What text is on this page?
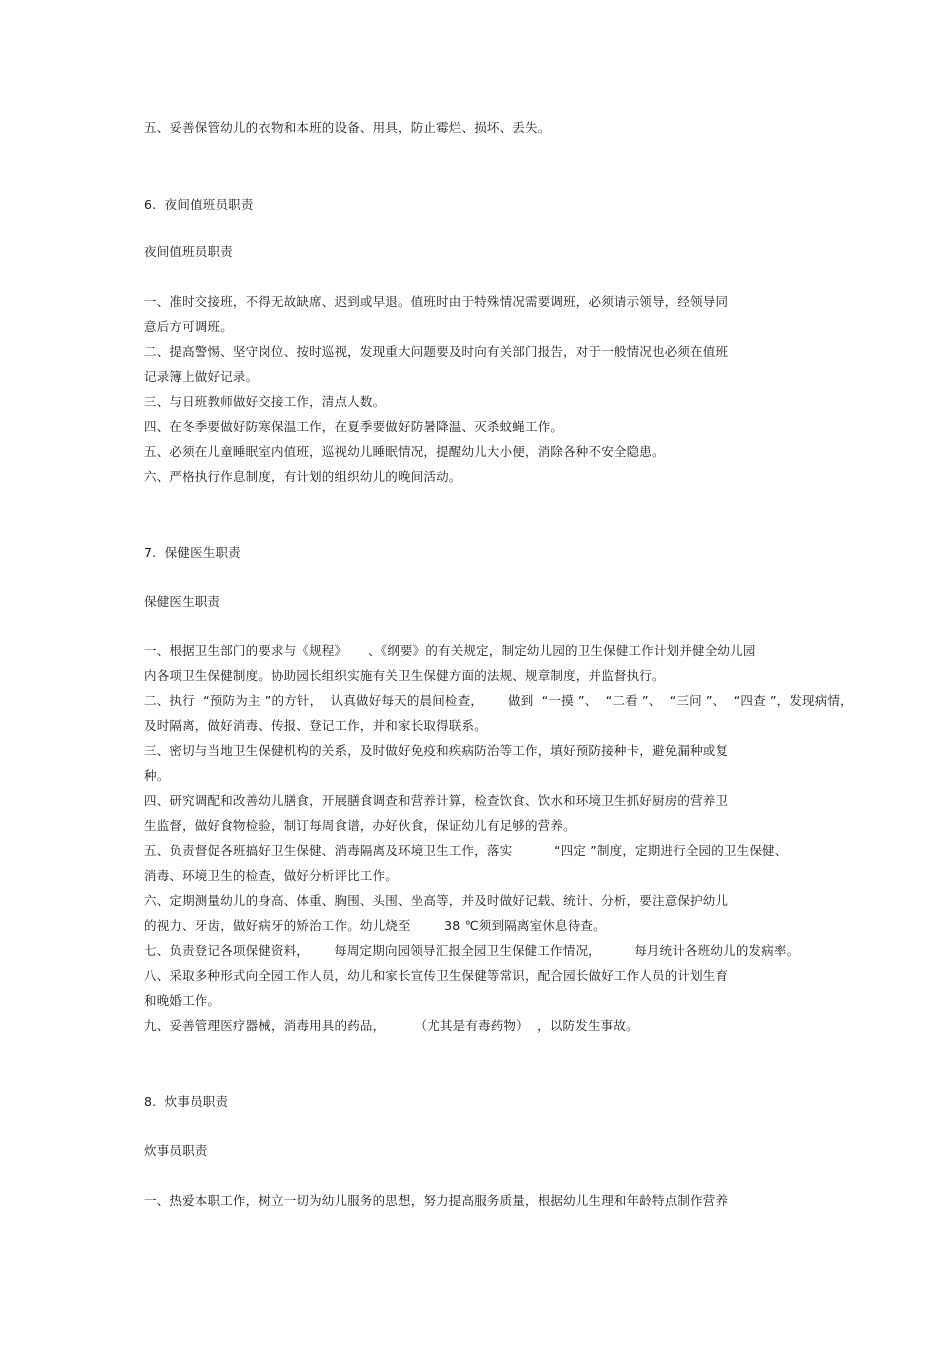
五、妥善保管幼儿的衣物和本班的设备、用具，防止霉烂、损坏、丢失。
6.  夜间值班员职责
夜间值班员职责
一、准时交接班，不得无故缺席、迟到或早退。值班时由于特殊情况需要调班，必须请示领导，经领导同
意后方可调班。
二、提高警惕、坚守岗位、按时巡视，发现重大问题要及时向有关部门报告，对于一般情况也必须在值班
记录簿上做好记录。
三、与日班教师做好交接工作，清点人数。
四、在冬季要做好防寒保温工作，在夏季要做好防暑降温、灭杀蚊蝇工作。
五、必须在儿童睡眠室内值班，巡视幼儿睡眠情况，提醒幼儿大小便，消除各种不安全隐患。
六、严格执行作息制度，有计划的组织幼儿的晚间活动。
7.  保健医生职责
保健医生职责
一、根据卫生部门的要求与《规程》     、《纲要》的有关规定，制定幼儿园的卫生保健工作计划并健全幼儿园
内各项卫生保健制度。协助园长组织实施有关卫生保健方面的法规、规章制度，并监督执行。
二、执行  “预防为主 ”的方针，  认真做好每天的晨间检查，      做到  “一摸 ”、  “二看 ”、  “三问 ”、  “四查 ”，发现病情，
及时隔离，做好消毒、传报、登记工作，并和家长取得联系。
三、密切与当地卫生保健机构的关系，及时做好免疫和疾病防治等工作，填好预防接种卡，避免漏种或复
种。
四、研究调配和改善幼儿膳食，开展膳食调查和营养计算，检查饮食、饮水和环境卫生抓好厨房的营养卫
生监督，做好食物检验，制订每周食谱，办好伙食，保证幼儿有足够的营养。
五、负责督促各班搞好卫生保健、消毒隔离及环境卫生工作，落实          “四定 ”制度，定期进行全园的卫生保健、
消毒、环境卫生的检查，做好分析评比工作。
六、定期测量幼儿的身高、体重、胸围、头围、坐高等，并及时做好记载、统计、分析，要注意保护幼儿
的视力、牙齿，做好病牙的矫治工作。幼儿烧至        38 ℃须到隔离室休息待查。
七、负责登记各项保健资料，      每周定期向园领导汇报全园卫生保健工作情况，        每月统计各班幼儿的发病率。
八、采取多种形式向全园工作人员，幼儿和家长宣传卫生保健等常识，配合园长做好工作人员的计划生育
和晚婚工作。
九、妥善管理医疗器械，消毒用具的药品，       （尤其是有毒药物）  ，以防发生事故。
8.  炊事员职责
炊事员职责
一、热爱本职工作，树立一切为幼儿服务的思想，努力提高服务质量，根据幼儿生理和年龄特点制作营养
